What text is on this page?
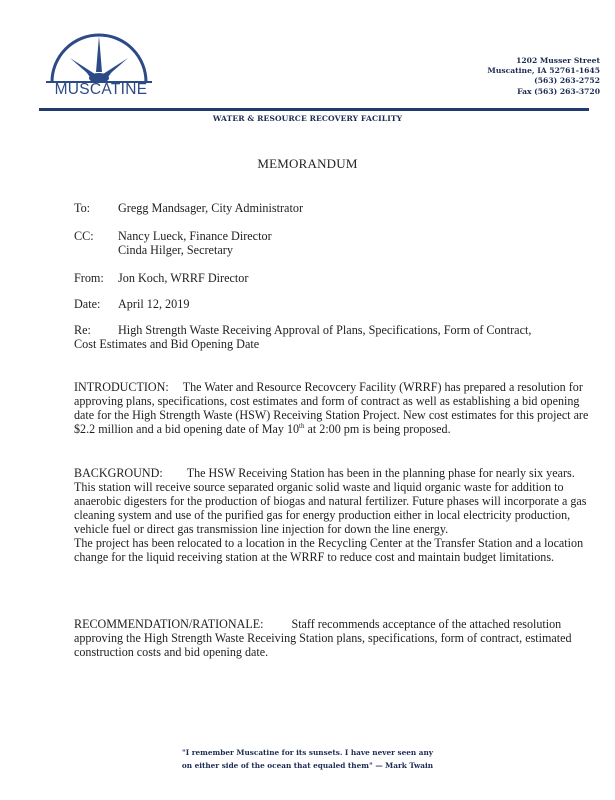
MUSCATINE
1202 Musser Street
Muscatine, IA 52761-1645
(563) 263-2752
Fax (563) 263-3720
WATER & RESOURCE RECOVERY FACILITY
MEMORANDUM
To: Gregg Mandsager, City Administrator
CC: Nancy Lueck, Finance Director
Cinda Hilger, Secretary
From: Jon Koch, WRRF Director
Date: April 12, 2019
Re: High Strength Waste Receiving Approval of Plans, Specifications, Form of Contract,
Cost Estimates and Bid Opening Date
INTRODUCTION: The Water and Resource Recovcery Facility (WRRF) has prepared a resolution for approving plans, specifications, cost estimates and form of contract as well as establishing a bid opening date for the High Strength Waste (HSW) Receiving Station Project. New cost estimates for this project are $2.2 million and a bid opening date of May 10th at 2:00 pm is being proposed.
BACKGROUND: The HSW Receiving Station has been in the planning phase for nearly six years. This station will receive source separated organic solid waste and liquid organic waste for addition to anaerobic digesters for the production of biogas and natural fertilizer. Future phases will incorporate a gas cleaning system and use of the purified gas for energy production either in local electricity production, vehicle fuel or direct gas transmission line injection for down the line energy.
The project has been relocated to a location in the Recycling Center at the Transfer Station and a location change for the liquid receiving station at the WRRF to reduce cost and maintain budget limitations.
RECOMMENDATION/RATIONALE: Staff recommends acceptance of the attached resolution approving the High Strength Waste Receiving Station plans, specifications, form of contract, estimated construction costs and bid opening date.
"I remember Muscatine for its sunsets. I have never seen any
on either side of the ocean that equaled them" — Mark Twain
